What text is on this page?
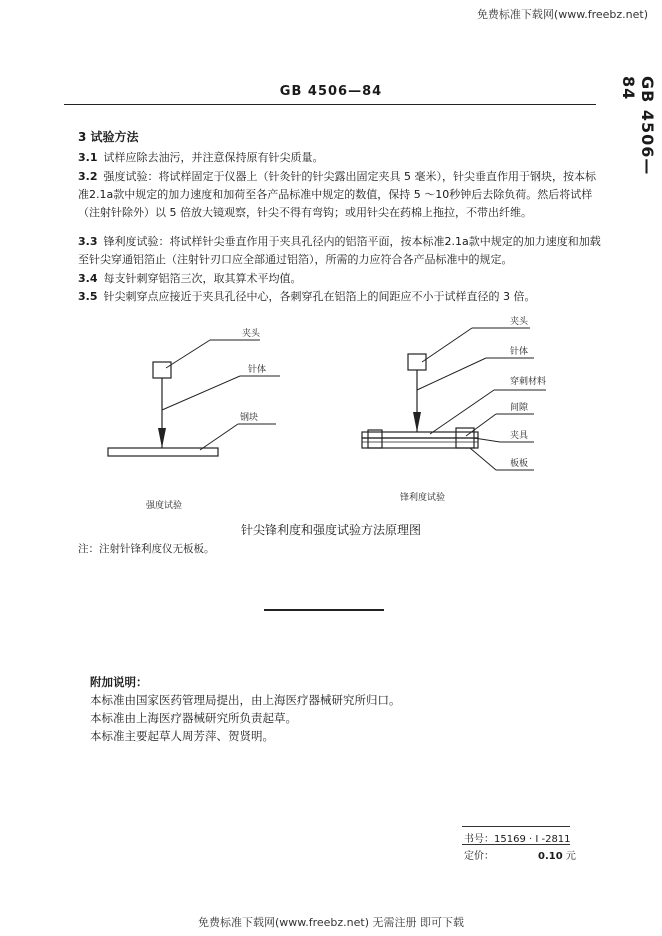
免费标准下载网(www.freebz.net)
GB 4506—84	GB 4506—84
3 试验方法
3.1 试样应除去油污，并注意保持原有针尖质量。
3.2 强度试验：将试样固定于仪器上（针灸针的针尖露出固定夹具 5 毫米），针尖垂直作用于钢块，按本标准2.1a款中规定的加力速度和加荷至各产品标准中规定的数值，保持 5 ～10秒钟后去除负荷。然后将试样（注射针除外）以 5 倍放大镜观察，针尖不得有弯钩；或用针尖在药棉上拖拉，不带出纤维。
3.3 锋利度试验：将试样针尖垂直作用于夹具孔径内的铝箔平面，按本标准2.1a款中规定的加力速度和加载至针尖穿通铝箔止（注射针刃口应全部通过铝箔），所需的力应符合各产品标准中的规定。
3.4 每支针刺穿铝箔三次，取其算术平均值。
3.5 针尖刺穿点应接近于夹具孔径中心，各刺穿孔在铝箔上的间距应不小于试样直径的 3 倍。
夹头
针体
钢块
强度试验
夹头
针体
穿刺材料
间隙
夹具
板板
锋利度试验
针尖锋利度和强度试验方法原理图
注：注射针锋利度仪无板板。
附加说明：
本标准由国家医药管理局提出，由上海医疗器械研究所归口。
本标准由上海医疗器械研究所负责起草。
本标准主要起草人周芳萍、贺贤明。
书号：15169 · I -2811
定价：	0.10 元
免费标准下载网(www.freebz.net) 无需注册 即可下载
